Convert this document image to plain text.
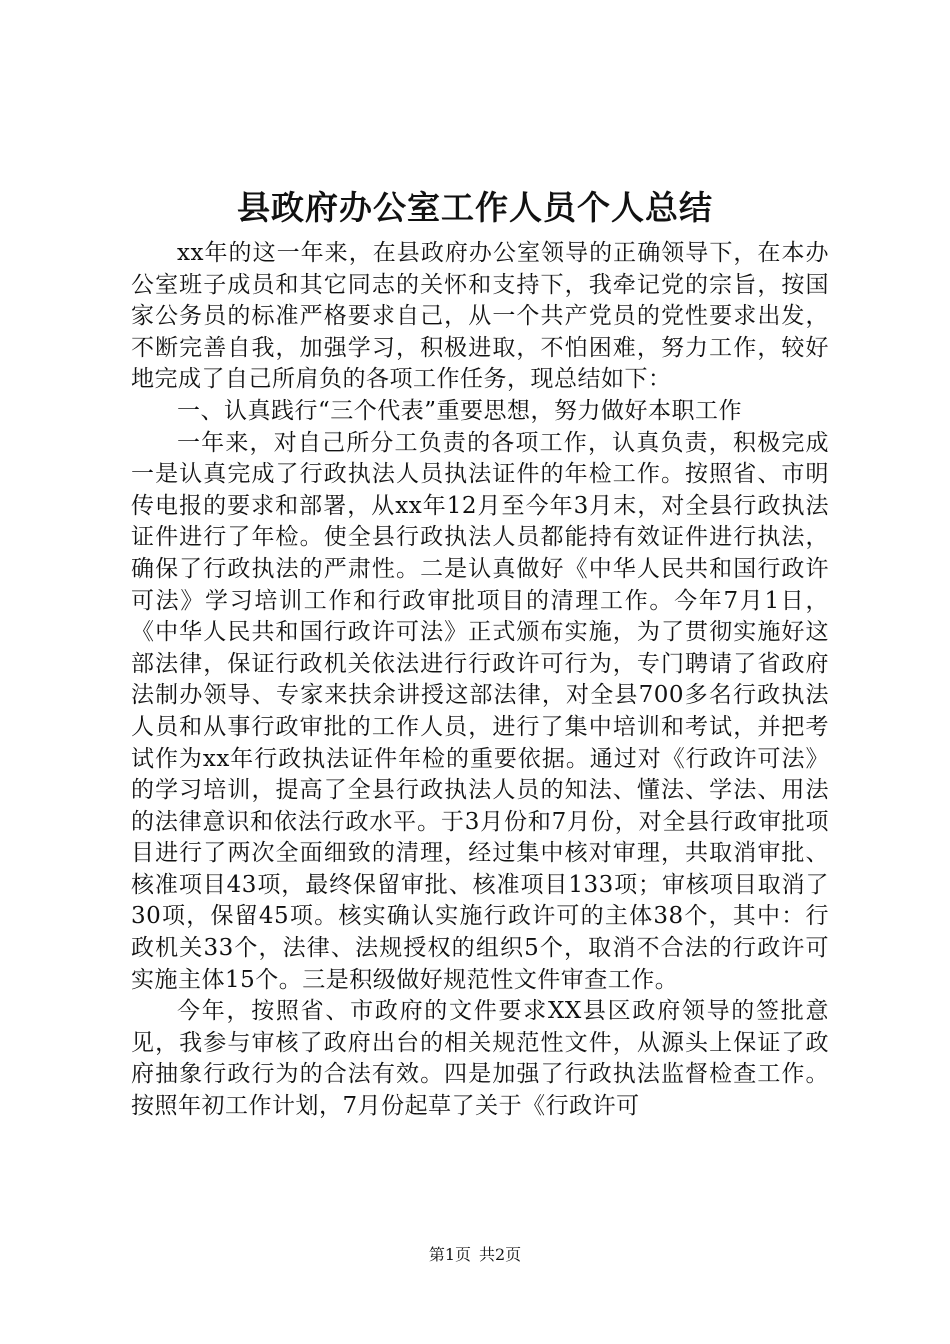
县政府办公室工作人员个人总结

xx年的这一年来，在县政府办公室领导的正确领导下，在本办公室班子成员和其它同志的关怀和支持下，我牵记党的宗旨，按国家公务员的标准严格要求自己，从一个共产党员的党性要求出发，不断完善自我，加强学习，积极进取，不怕困难，努力工作，较好地完成了自己所肩负的各项工作任务，现总结如下：

一、认真践行“三个代表”重要思想，努力做好本职工作

一年来，对自己所分工负责的各项工作，认真负责，积极完成一是认真完成了行政执法人员执法证件的年检工作。按照省、市明传电报的要求和部署，从xx年12月至今年3月末，对全县行政执法证件进行了年检。使全县行政执法人员都能持有效证件进行执法，确保了行政执法的严肃性。二是认真做好《中华人民共和国行政许可法》学习培训工作和行政审批项目的清理工作。今年7月1日，《中华人民共和国行政许可法》正式颁布实施，为了贯彻实施好这部法律，保证行政机关依法进行行政许可行为，专门聘请了省政府法制办领导、专家来扶余讲授这部法律，对全县700多名行政执法人员和从事行政审批的工作人员，进行了集中培训和考试，并把考试作为xx年行政执法证件年检的重要依据。通过对《行政许可法》的学习培训，提高了全县行政执法人员的知法、懂法、学法、用法的法律意识和依法行政水平。于3月份和7月份，对全县行政审批项目进行了两次全面细致的清理，经过集中核对审理，共取消审批、核准项目43项，最终保留审批、核准项目133项；审核项目取消了30项，保留45项。核实确认实施行政许可的主体38个，其中：行政机关33个，法律、法规授权的组织5个，取消不合法的行政许可实施主体15个。三是积级做好规范性文件审查工作。

今年，按照省、市政府的文件要求XX县区政府领导的签批意见，我参与审核了政府出台的相关规范性文件，从源头上保证了政府抽象行政行为的合法有效。四是加强了行政执法监督检查工作。按照年初工作计划，7月份起草了关于《行政许可

第1页 共2页
